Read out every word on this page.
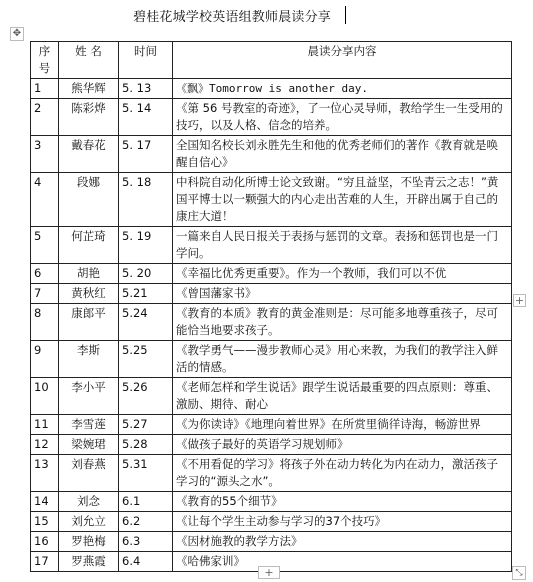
碧桂花城学校英语组教师晨读分享
✥
序号	姓 名	时间	晨读分享内容
1	熊华辉	5. 13	《飘》Tomorrow is another day.
2	陈彩烨	5. 14	《第 56 号教室的奇迹》，了一位心灵导师，教给学生一生受用的技巧，以及人格、信念的培养。
3	戴春花	5. 17	全国知名校长刘永胜先生和他的优秀老师们的著作《教育就是唤醒自信心》
4	段娜	5. 18	中科院自动化所博士论文致谢。“穷且益坚，不坠青云之志！”黄国平博士以一颗强大的内心走出苦难的人生，开辟出属于自己的康庄大道！
5	何芷琦	5. 19	一篇来自人民日报关于表扬与惩罚的文章。表扬和惩罚也是一门学问。
6	胡艳	5. 20	《幸福比优秀更重要》。作为一个教师，我们可以不优
7	黄秋红	5.21	《曾国藩家书》
8	康郎平	5.24	《教育的本质》教育的黄金准则是：尽可能多地尊重孩子，尽可能恰当地要求孩子。
9	李斯	5.25	《教学勇气——漫步教师心灵》用心来教，为我们的教学注入鲜活的情感。
10	李小平	5.26	《老师怎样和学生说话》跟学生说话最重要的四点原则：尊重、激励、期待、耐心
11	李雪莲	5.27	《为你读诗》《地理向着世界》在所赏里徜徉诗海，畅游世界
12	梁婉珺	5.28	《做孩子最好的英语学习规划师》
13	刘春燕	5.31	《不用看促的学习》将孩子外在动力转化为内在动力，激活孩子学习的“源头之水”。
14	刘念	6.1	《教育的55个细节》
15	刘允立	6.2	《让每个学生主动参与学习的37个技巧》
16	罗艳梅	6.3	《因材施教的教学方法》
17	罗燕霞	6.4	《哈佛家训》
+
+	⤡
